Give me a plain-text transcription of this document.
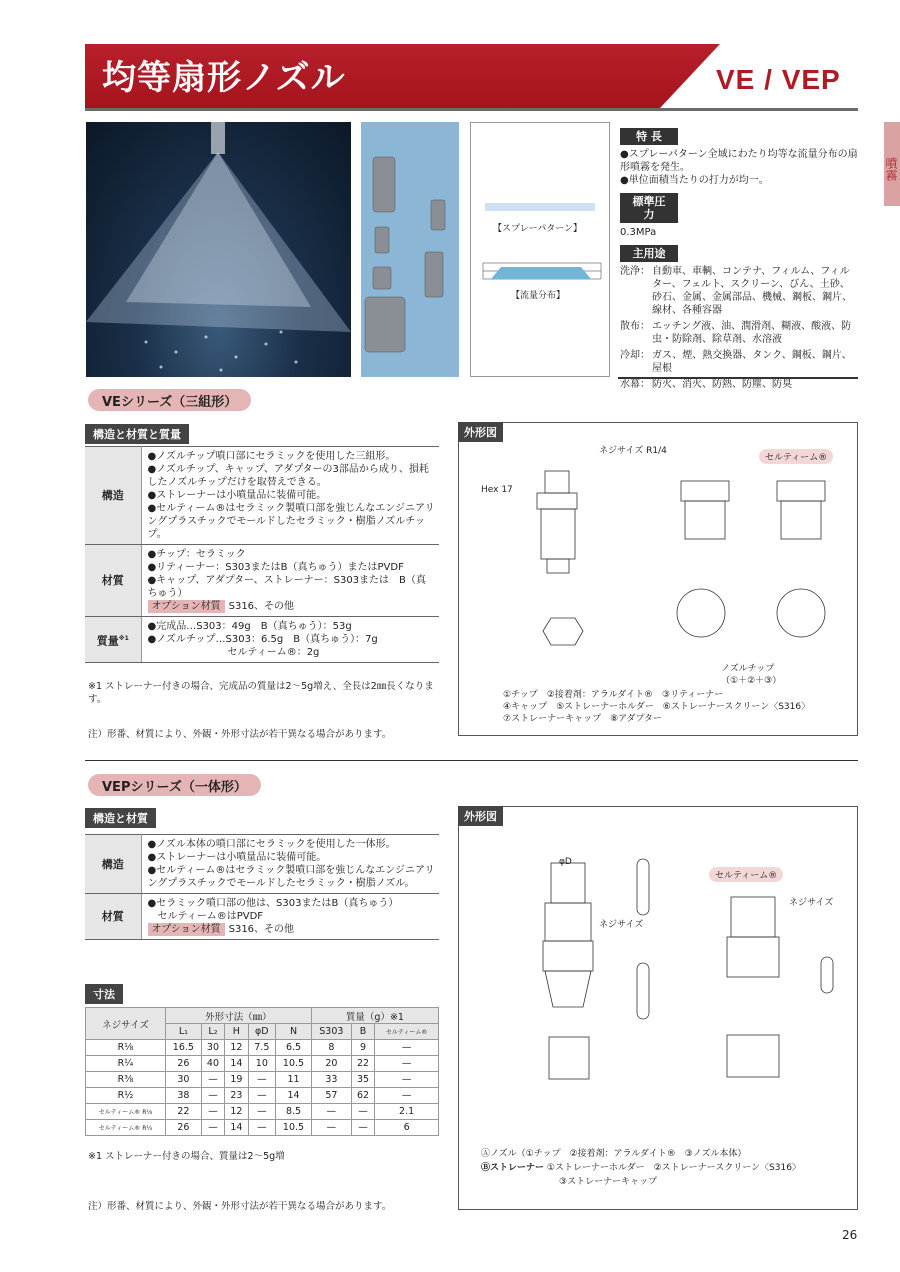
均等扇形ノズル	VE / VEP
噴霧
【スプレーパターン】
【流量分布】
特 長
●スプレーパターン全域にわたり均等な流量分布の扇形噴霧を発生。
●単位面積当たりの打力が均一。
標準圧力
0.3MPa
主用途
洗浄： 自動車、車輌、コンテナ、フィルム、フィルター、フェルト、スクリーン、びん、土砂、砂石、金属、金属部品、機械、鋼板、鋼片、線材、各種容器
散布： エッチング液、油、潤滑剤、糊液、酸液、防虫・防除剤、除草剤、水溶液
冷却： ガス、煙、熱交換器、タンク、鋼板、鋼片、屋根
水幕： 防火、消火、防熱、防塵、防臭
VEシリーズ（三組形）
構造と材質と質量
構造	●ノズルチップ噴口部にセラミックを使用した三組形。
●ノズルチップ、キャップ、アダプターの3部品から成り、損耗したノズルチップだけを取替えできる。
●ストレーナーは小噴量品に装備可能。
●セルティーム®はセラミック製噴口部を強じんなエンジニアリングプラスチックでモールドしたセラミック・樹脂ノズルチップ。

材質	●チップ：セラミック
●リティーナー：S303またはB（真ちゅう）またはPVDF
●キャップ、アダプター、ストレーナー：S303または　B（真ちゅう）
オプション材質 S316、その他

質量$^{※1}$	●完成品…S303：49g　B（真ちゅう）：53g
●ノズルチップ…S303：6.5g　B（真ちゅう）：7g
　　　　　　　　セルティーム®：2g
※1 ストレーナー付きの場合、完成品の質量は2～5g増え、全長は2㎜長くなります。
注）形番、材質により、外観・外形寸法が若干異なる場合があります。
外形図
ネジサイズ R1/4
Hex 17
セルティーム®
ノズルチップ
（①＋②＋③）
①チップ　②接着剤：アラルダイト®　③リティーナー
④キャップ　⑤ストレーナーホルダー　⑥ストレーナースクリーン〈S316〉
⑦ストレーナーキャップ　⑧アダプター
VEPシリーズ（一体形）
構造と材質
構造	●ノズル本体の噴口部にセラミックを使用した一体形。
●ストレーナーは小噴量品に装備可能。
●セルティーム®はセラミック製噴口部を強じんなエンジニアリングプラスチックでモールドしたセラミック・樹脂ノズル。

材質	●セラミック噴口部の他は、S303またはB（真ちゅう）
　セルティーム®はPVDF
オプション材質 S316、その他
寸法
ネジサイズ	外形寸法（㎜）					質量（g）※1		
	L₁	L₂	H	φD	N	S303	B	セルティーム®
R⅛	16.5	30	12	7.5	6.5	8	9	—
R¼	26	40	14	10	10.5	20	22	—
R⅜	30	—	19	—	11	33	35	—
R½	38	—	23	—	14	57	62	—
セルティーム® R⅛	22	—	12	—	8.5	—	—	2.1
セルティーム® R¼	26	—	14	—	10.5	—	—	6
※1 ストレーナー付きの場合、質量は2～5g増
注）形番、材質により、外観・外形寸法が若干異なる場合があります。
外形図
セルティーム®
ネジサイズ
ネジサイズ
φD
Ⓐノズル（①チップ　②接着剤：アラルダイト®　③ノズル本体）
Ⓑストレーナー ①ストレーナーホルダー　②ストレーナースクリーン〈S316〉
③ストレーナーキャップ
26
